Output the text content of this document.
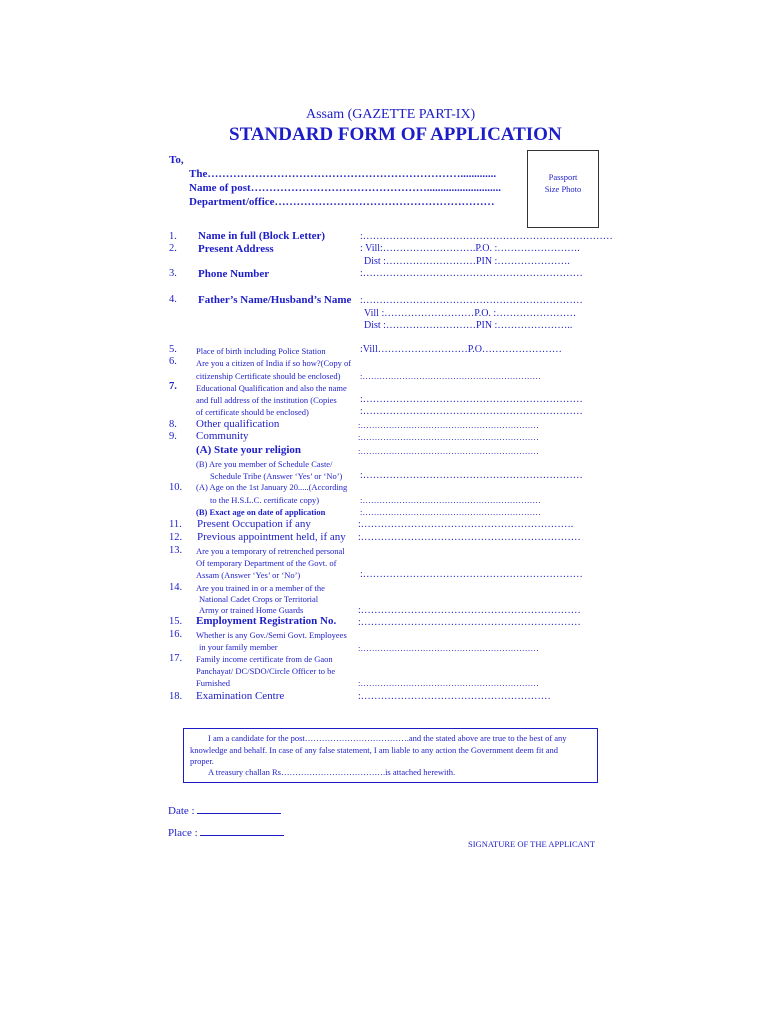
Assam (GAZETTE PART-IX)
STANDARD FORM OF APPLICATION
To,
The…………………………………………………………….............
Name of post…………………………………………...........................
Department/office……………………………………………………
Passport
Size Photo
1. Name in full (Block Letter)	:…………………………………………………………………
2. Present Address	: Vill:……………………….P.O. :…………………….
Dist :………………………PIN :………………….
3. Phone Number	:…………………………………………………………
4. Father’s Name/Husband’s Name :…………………………………………………………
Vill :………………………P.O. :……………………
Dist :………………………PIN :…………………..
5. Place of birth including Police Station	:Vill………………………P.O……………………
6. Are you a citizen of India if so how?(Copy of
citizenship Certificate should be enclosed) :………………………………………………………
7. Educational Qualification and also the name
and full address of the institution (Copies
of certificate should be enclosed)
:…………………………………………………………
:…………………………………………………………
8. Other qualification	:………………………………………………………
9. Community	:………………………………………………………
(A) State your religion	:………………………………………………………
(B) Are you member of Schedule Caste/
Schedule Tribe (Answer ‘Yes’ or ‘No’) :…………………………………………………………
10. (A) Age on the 1st January 20.....(According
to the H.S.L.C. certificate copy)	:………………………………………………………
(B) Exact age on date of application	:………………………………………………………
11. Present Occupation if any	:……………………………………………………….
12. Previous appointment held, if any :…………………………………………………………
13. Are you a temporary of retrenched personal
Of temporary Department of the Govt. of
Assam (Answer ‘Yes’ or ‘No’)	:…………………………………………………………
14. Are you trained in or a member of the
National Cadet Crops or Territorial
Army or trained Home Guards	:…………………………………………………………
15. Employment Registration No. :…………………………………………………………
16. Whether is any Gov./Semi Govt. Employees
in your family member	:………………………………………………………
17. Family income certificate from de Gaon
Panchayat/ DC/SDO/Circle Officer to be
Furnished	:………………………………………………………
18. Examination Centre	:…………………………………………………
I am a candidate for the post……………………………….and the stated above are true to the best of any
knowledge and behalf. In case of any false statement, I am liable to any action the Government deem fit and
proper.
A treasury challan Rs……………………………….is attached herewith.
Date :
Place :
SIGNATURE OF THE APPLICANT
